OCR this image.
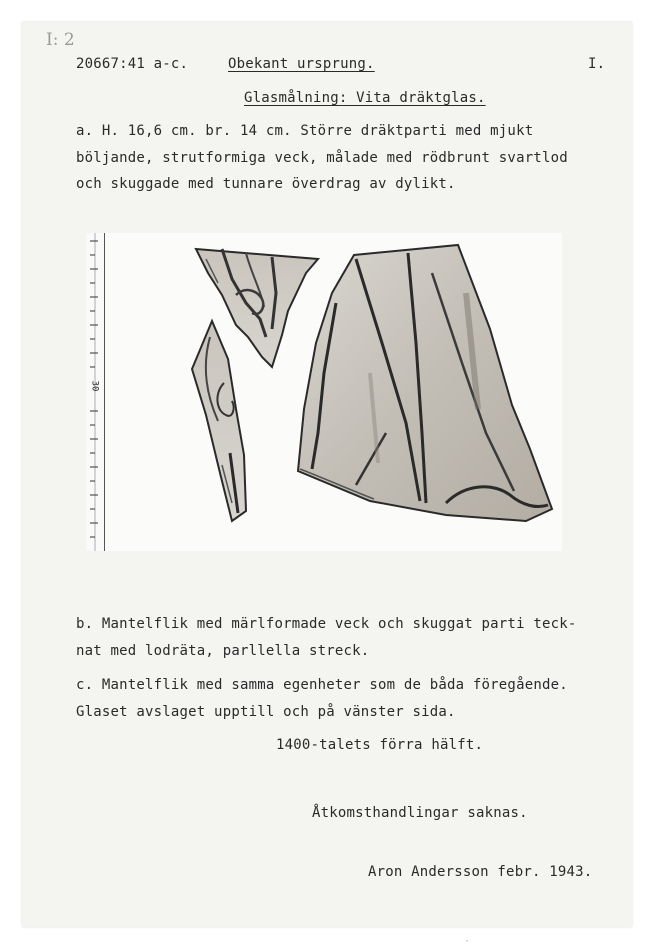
I: 2
20667:41 a-c.	Obekant ursprung.	I.
Glasmålning: Vita dräktglas.
a. H. 16,6 cm. br. 14 cm. Större dräktparti med mjukt
böljande, strutformiga veck, målade med rödbrunt svartlod
och skuggade med tunnare överdrag av dylikt.
30
b. Mantelflik med märlformade veck och skuggat parti teck-
nat med lodräta, parllella streck.
c. Mantelflik med samma egenheter som de båda föregående.
Glaset avslaget upptill och på vänster sida.
1400-talets förra hälft.
Åtkomsthandlingar saknas.
Aron Andersson febr. 1943.
·
